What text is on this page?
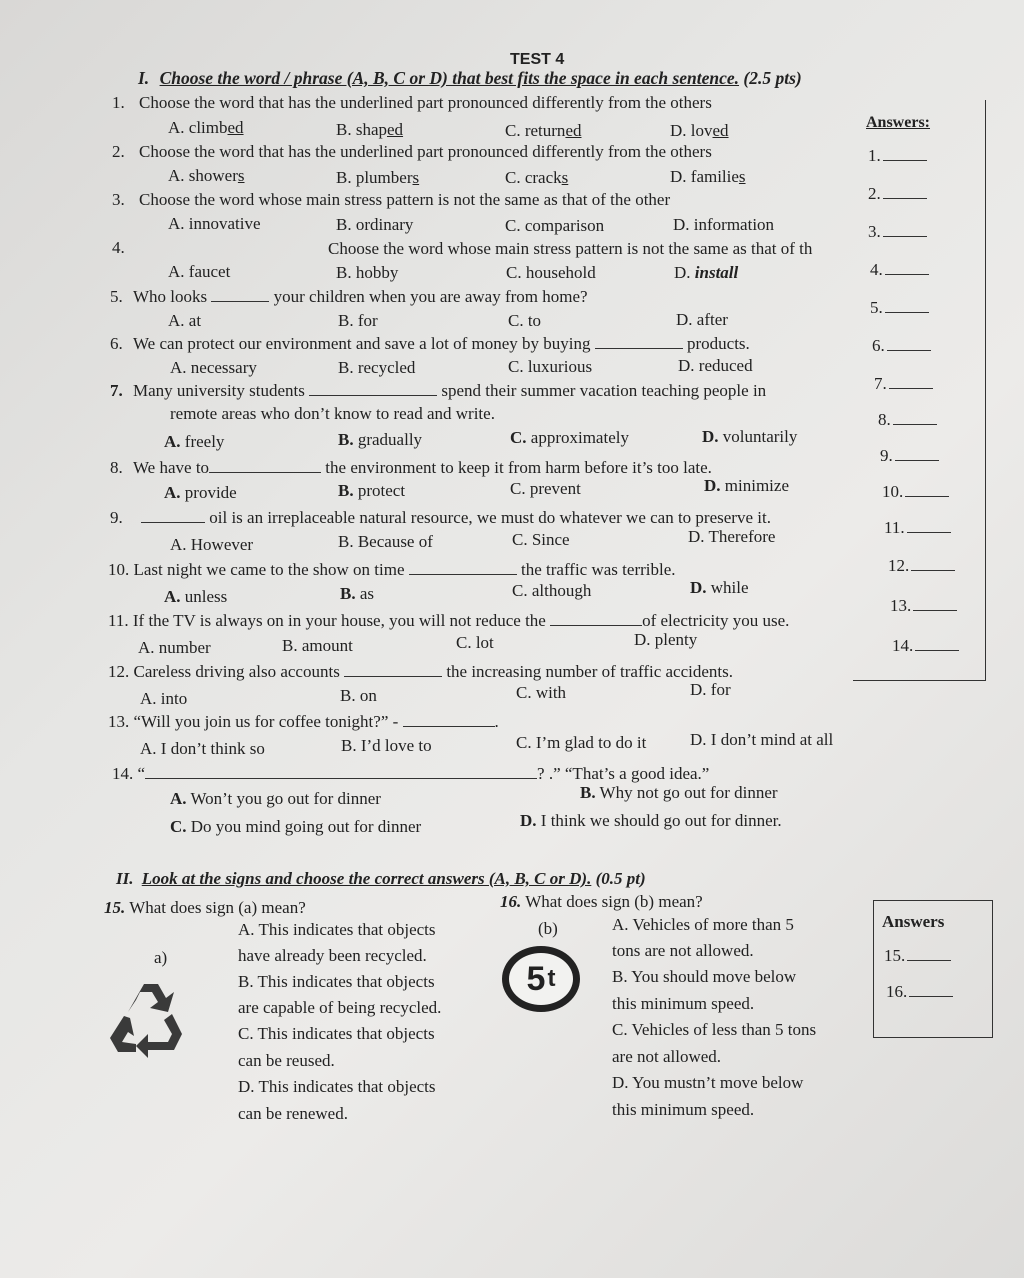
TEST 4
I. Choose the word / phrase (A, B, C or D) that best fits the space in each sentence. (2.5 pts)
1. Choose the word that has the underlined part pronounced differently from the others
A. climbed	B. shaped	C. returned	D. loved
2. Choose the word that has the underlined part pronounced differently from the others
A. showers	B. plumbers	C. cracks	D. families
3. Choose the word whose main stress pattern is not the same as that of the other
A. innovative	B. ordinary	C. comparison	D. information
4.	Choose the word whose main stress pattern is not the same as that of th
A. faucet	B. hobby	C. household	D. install
5. Who looks	your children when you are away from home?
A. at	B. for	C. to	D. after
6. We can protect our environment and save a lot of money by buying	products.
A. necessary	B. recycled	C. luxurious	D. reduced
7. Many university students	spend their summer vacation teaching people in
remote areas who don’t know to read and write.
A. freely	B. gradually	C. approximately	D. voluntarily
8. We have to	the environment to keep it from harm before it’s too late.
A. provide	B. protect	C. prevent	D. minimize
9.	oil is an irreplaceable natural resource, we must do whatever we can to preserve it.
A. However	B. Because of	C. Since	D. Therefore
10. Last night we came to the show on time	the traffic was terrible.
A. unless	B. as	C. although	D. while
11. If the TV is always on in your house, you will not reduce the	of electricity you use.
A. number	B. amount	C. lot	D. plenty
12. Careless driving also accounts	the increasing number of traffic accidents.
A. into	B. on	C. with	D. for
13. “Will you join us for coffee tonight?” -	.
A. I don’t think so	B. I’d love to	C. I’m glad to do it	D. I don’t mind at all
14. “	? .” “That’s a good idea.”
A. Won’t you go out for dinner	B. Why not go out for dinner
C. Do you mind going out for dinner	D. I think we should go out for dinner.
Answers:
1.
2.
3.
4.
5.
6.
7.
8.
9.
10.
11.
12.
13.
14.
II. Look at the signs and choose the correct answers (A, B, C or D). (0.5 pt)
15. What does sign (a) mean?
a)
A. This indicates that objects
have already been recycled.
B. This indicates that objects
are capable of being recycled.
C. This indicates that objects
can be reused.
D. This indicates that objects
can be renewed.
16. What does sign (b) mean?
(b)
5 t
A. Vehicles of more than 5
tons are not allowed.
B. You should move below
this minimum speed.
C. Vehicles of less than 5 tons
are not allowed.
D. You mustn’t move below
this minimum speed.
Answers
15.
16.
